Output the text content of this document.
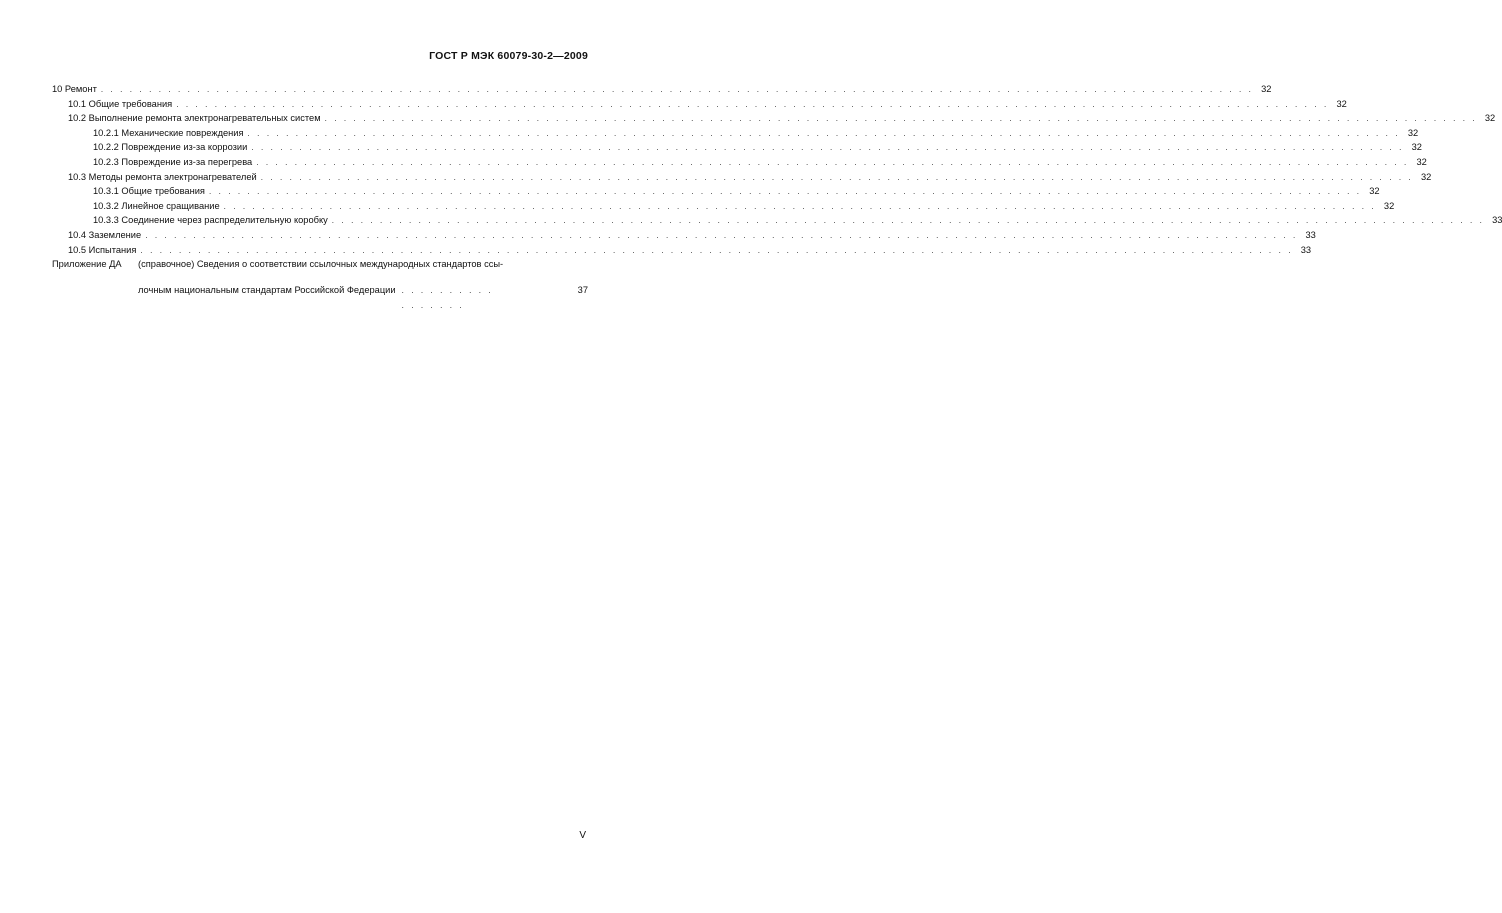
ГОСТ Р МЭК 60079-30-2—2009
10 Ремонт . . . . . . . . . . . . . . . . . . . . . . . . . . . . . . . . . . . . . . . . . . . . . . . . . . . . . . . . . . . . . . . . . . . . . . . . . . . . . . . . . . . . . . . . . . . . . . . . . . . . . . . . . . . . . . . . . . . . . . . . 32
10.1 Общие требования . . . . . . . . . . . . . . . . . . . . . . . . . . . . . . . . . . . . . . . . . . . . . . . . . . . . . . . . . . . . . . . . . . . . . . . . . . . . . . . . . . . . . . . . . . . . . . . . . . . . . . . . . . . . . . . . . . . . . . . . 32
10.2 Выполнение ремонта электронагревательных систем . . . . . . . . . . . . . . . . . . . . . . . . . . . . . . . . . . . . . . . . . . . . . . . . . . . . . . . . . . . . . . . . . . . . . . . . . . . . . . . . . . . . . . . . . . . . . . . . . . . . . . . . . . . . . . . . . . . . . . . . 32
10.2.1 Механические повреждения . . . . . . . . . . . . . . . . . . . . . . . . . . . . . . . . . . . . . . . . . . . . . . . . . . . . . . . . . . . . . . . . . . . . . . . . . . . . . . . . . . . . . . . . . . . . . . . . . . . . . . . . . . . . . . . . . . . . . . . . 32
10.2.2 Повреждение из-за коррозии . . . . . . . . . . . . . . . . . . . . . . . . . . . . . . . . . . . . . . . . . . . . . . . . . . . . . . . . . . . . . . . . . . . . . . . . . . . . . . . . . . . . . . . . . . . . . . . . . . . . . . . . . . . . . . . . . . . . . . . . 32
10.2.3 Повреждение из-за перегрева . . . . . . . . . . . . . . . . . . . . . . . . . . . . . . . . . . . . . . . . . . . . . . . . . . . . . . . . . . . . . . . . . . . . . . . . . . . . . . . . . . . . . . . . . . . . . . . . . . . . . . . . . . . . . . . . . . . . . . . . 32
10.3 Методы ремонта электронагревателей . . . . . . . . . . . . . . . . . . . . . . . . . . . . . . . . . . . . . . . . . . . . . . . . . . . . . . . . . . . . . . . . . . . . . . . . . . . . . . . . . . . . . . . . . . . . . . . . . . . . . . . . . . . . . . . . . . . . . . . . 32
10.3.1 Общие требования . . . . . . . . . . . . . . . . . . . . . . . . . . . . . . . . . . . . . . . . . . . . . . . . . . . . . . . . . . . . . . . . . . . . . . . . . . . . . . . . . . . . . . . . . . . . . . . . . . . . . . . . . . . . . . . . . . . . . . . . 32
10.3.2 Линейное сращивание . . . . . . . . . . . . . . . . . . . . . . . . . . . . . . . . . . . . . . . . . . . . . . . . . . . . . . . . . . . . . . . . . . . . . . . . . . . . . . . . . . . . . . . . . . . . . . . . . . . . . . . . . . . . . . . . . . . . . . . . 32
10.3.3 Соединение через распределительную коробку . . . . . . . . . . . . . . . . . . . . . . . . . . . . . . . . . . . . . . . . . . . . . . . . . . . . . . . . . . . . . . . . . . . . . . . . . . . . . . . . . . . . . . . . . . . . . . . . . . . . . . . . . . . . . . . . . . . . . . . . 33
10.4 Заземление . . . . . . . . . . . . . . . . . . . . . . . . . . . . . . . . . . . . . . . . . . . . . . . . . . . . . . . . . . . . . . . . . . . . . . . . . . . . . . . . . . . . . . . . . . . . . . . . . . . . . . . . . . . . . . . . . . . . . . . . 33
10.5 Испытания . . . . . . . . . . . . . . . . . . . . . . . . . . . . . . . . . . . . . . . . . . . . . . . . . . . . . . . . . . . . . . . . . . . . . . . . . . . . . . . . . . . . . . . . . . . . . . . . . . . . . . . . . . . . . . . . . . . . . . . . 33
Приложение ДА	(справочное) Сведения о соответствии ссылочных международных стандартов ссы-
лочным национальным стандартам Российской Федерации . . . . . . . . . . . . . . . . .
37
V
